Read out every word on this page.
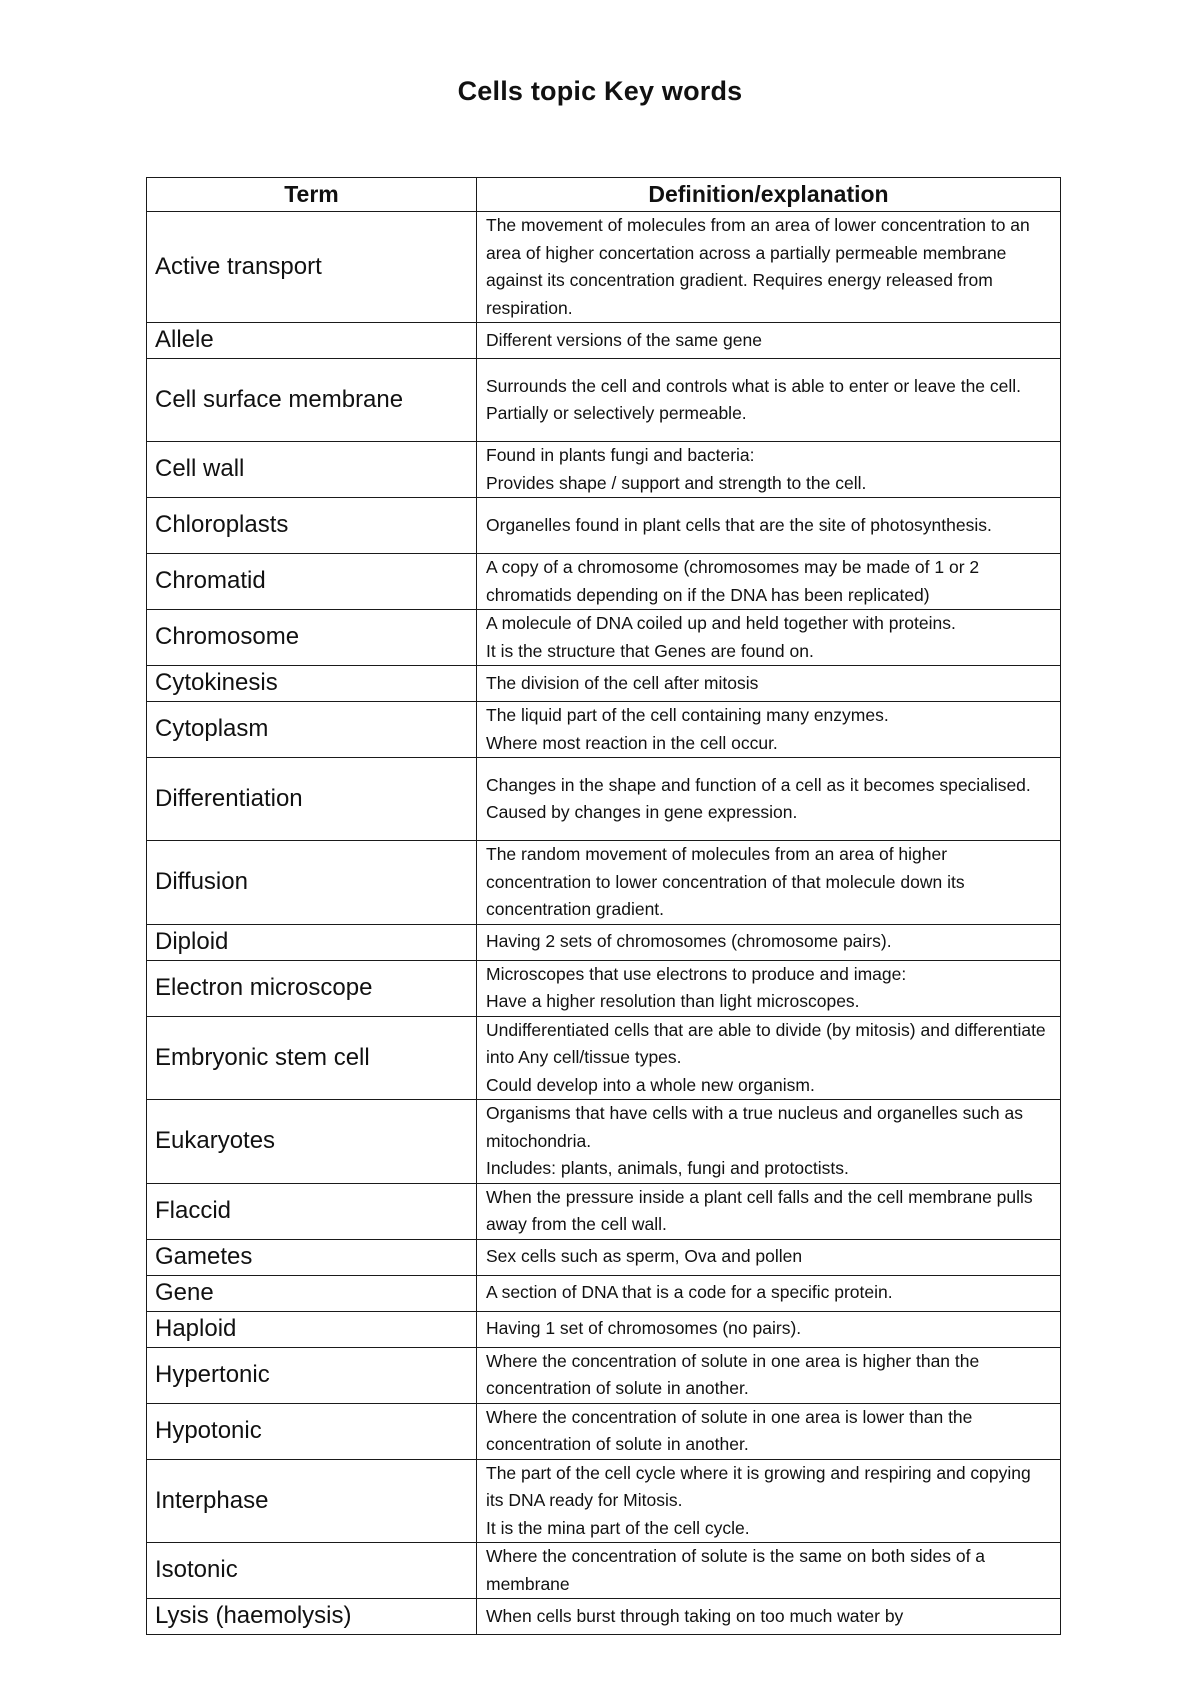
Cells topic Key words
Term	Definition/explanation
Active transport	The movement of molecules from an area of lower concentration to an area of higher concertation across a partially permeable membrane against its concentration gradient. Requires energy released from respiration.

Allele	Different versions of the same gene

Cell surface membrane	Surrounds the cell and controls what is able to enter or leave the cell.
Partially or selectively permeable.

Cell wall	Found in plants fungi and bacteria:
Provides shape / support and strength to the cell.

Chloroplasts	Organelles found in plant cells that are the site of photosynthesis.

Chromatid	A copy of a chromosome (chromosomes may be made of 1 or 2 chromatids depending on if the DNA has been replicated)

Chromosome	A molecule of DNA coiled up and held together with proteins.
It is the structure that Genes are found on.

Cytokinesis	The division of the cell after mitosis

Cytoplasm	The liquid part of the cell containing many enzymes.
Where most reaction in the cell occur.

Differentiation	Changes in the shape and function of a cell as it becomes specialised.
Caused by changes in gene expression.

Diffusion	The random movement of molecules from an area of higher concentration to lower concentration of that molecule down its concentration gradient.

Diploid	Having 2 sets of chromosomes (chromosome pairs).

Electron microscope	Microscopes that use electrons to produce and image:
Have a higher resolution than light microscopes.

Embryonic stem cell	Undifferentiated cells that are able to divide (by mitosis) and differentiate into Any cell/tissue types.
Could develop into a whole new organism.

Eukaryotes	Organisms that have cells with a true nucleus and organelles such as mitochondria.
Includes: plants, animals, fungi and protoctists.

Flaccid	When the pressure inside a plant cell falls and the cell membrane pulls away from the cell wall.

Gametes	Sex cells such as sperm, Ova and pollen

Gene	A section of DNA that is a code for a specific protein.

Haploid	Having 1 set of chromosomes (no pairs).

Hypertonic	Where the concentration of solute in one area is higher than the concentration of solute in another.

Hypotonic	Where the concentration of solute in one area is lower than the concentration of solute in another.

Interphase	The part of the cell cycle where it is growing and respiring and copying its DNA ready for Mitosis.
It is the mina part of the cell cycle.

Isotonic	Where the concentration of solute is the same on both sides of a membrane

Lysis (haemolysis)	When cells burst through taking on too much water by
